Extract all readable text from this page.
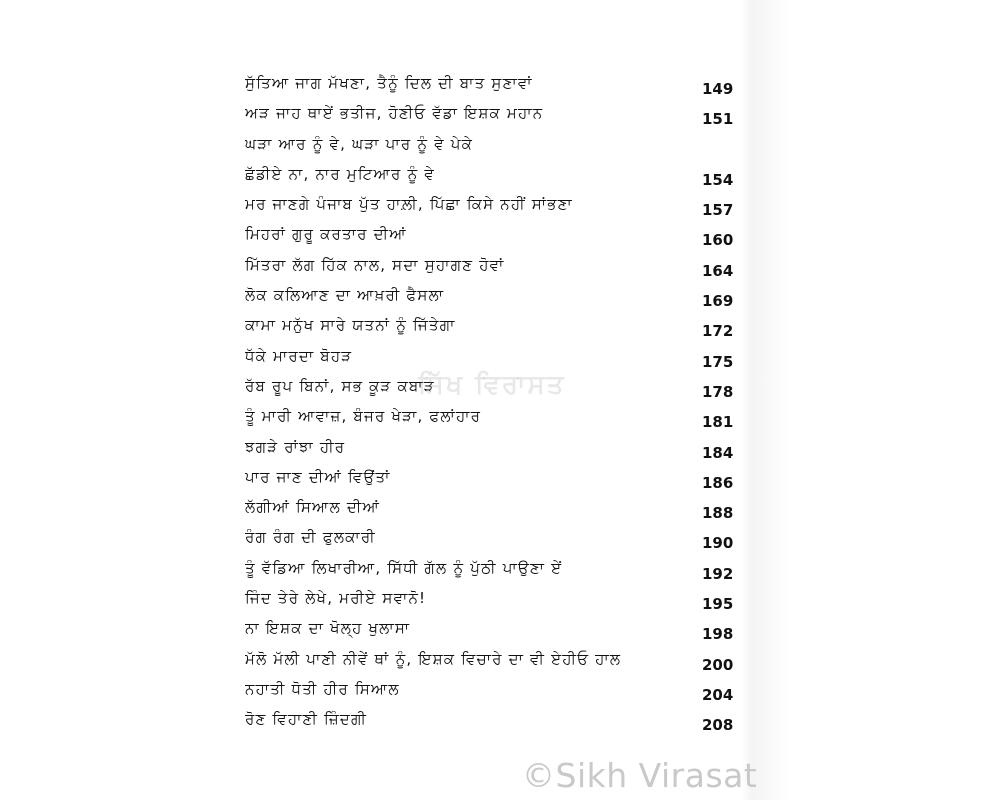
ਸੁੱਤਿਆ ਜਾਗ ਮੱਖਣਾ, ਤੈਨੂੰ ਦਿਲ ਦੀ ਬਾਤ ਸੁਣਾਵਾਂ	149
ਅੜ ਜਾਹ ਥਾਏਂ ਭਤੀਜ, ਹੋਣੀਓ ਵੱਡਾ ਇਸ਼ਕ ਮਹਾਨ	151
ਘੜਾ ਆਰ ਨੂੰ ਵੇ, ਘੜਾ ਪਾਰ ਨੂੰ ਵੇ ਪੇਕੇ
ਛੱਡੀਏ ਨਾ, ਨਾਰ ਮੁਟਿਆਰ ਨੂੰ ਵੇ	154
ਮਰ ਜਾਣਗੇ ਪੰਜਾਬ ਪੁੱਤ ਹਾਲ਼ੀ, ਪਿੱਛਾ ਕਿਸੇ ਨਹੀਂ ਸਾਂਭਣਾ	157
ਮਿਹਰਾਂ ਗੁਰੂ ਕਰਤਾਰ ਦੀਆਂ	160
ਮਿੱਤਰਾ ਲੱਗ ਹਿੱਕ ਨਾਲ, ਸਦਾ ਸੁਹਾਗਣ ਹੋਵਾਂ	164
ਲੋਕ ਕਲਿਆਣ ਦਾ ਆਖ਼ਰੀ ਫੈਸਲਾ	169
ਕਾਮਾ ਮਨੁੱਖ ਸਾਰੇ ਯਤਨਾਂ ਨੂੰ ਜਿੱਤੇਗਾ	172
ਧੱਕੇ ਮਾਰਦਾ ਬੋਹੜ	175
ਰੱਬ ਰੂਪ ਬਿਨਾਂ, ਸਭ ਕੂੜ ਕਬਾੜ	178
ਤੂੰ ਮਾਰੀ ਆਵਾਜ਼, ਬੰਜਰ ਖੇੜਾ, ਫਲਾਂਹਾਰ	181
ਝਗੜੇ ਰਾਂਝਾ ਹੀਰ	184
ਪਾਰ ਜਾਣ ਦੀਆਂ ਵਿਉਂਤਾਂ	186
ਲੱਗੀਆਂ ਸਿਆਲ ਦੀਆਂ	188
ਰੰਗ ਰੰਗ ਦੀ ਫੁਲਕਾਰੀ	190
ਤੂੰ ਵੱਡਿਆ ਲਿਖਾਰੀਆ, ਸਿੱਧੀ ਗੱਲ ਨੂੰ ਪੁੱਠੀ ਪਾਉਣਾ ਏਂ	192
ਜਿੰਦ ਤੇਰੇ ਲੇਖੇ, ਮਰੀਏ ਸਵਾਨੋ!	195
ਨਾ ਇਸ਼ਕ ਦਾ ਖੋਲ੍ਹ ਖੁਲਾਸਾ	198
ਮੱਲੋ ਮੱਲੀ ਪਾਣੀ ਨੀਵੇਂ ਥਾਂ ਨੂੰ, ਇਸ਼ਕ ਵਿਚਾਰੇ ਦਾ ਵੀ ਏਹੀਓ ਹਾਲ	200
ਨਹਾਤੀ ਧੋਤੀ ਹੀਰ ਸਿਆਲ	204
ਰੋਣ ਵਿਹਾਣੀ ਜ਼ਿੰਦਗੀ	208
ਸਿੱਖ ਵਿਰਾਸਤ
©Sikh Virasat
